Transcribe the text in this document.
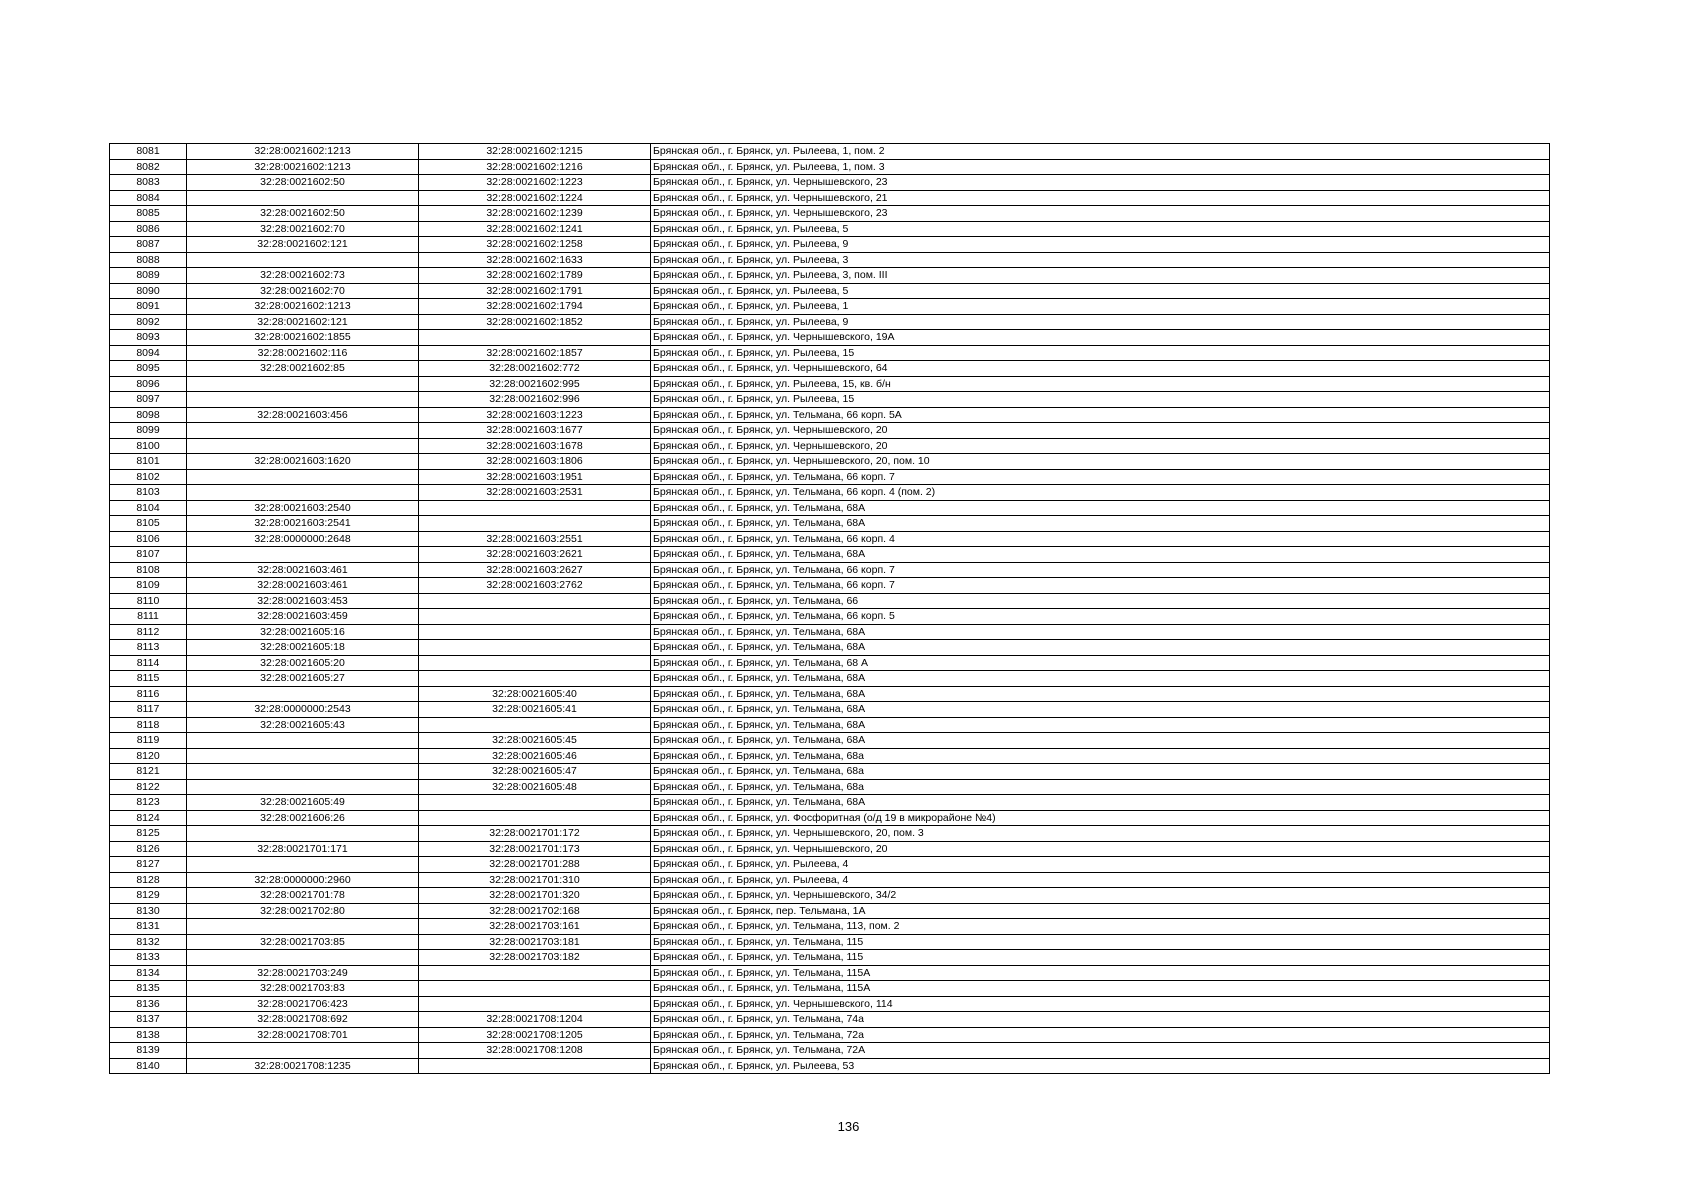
8081	32:28:0021602:1213	32:28:0021602:1215	Брянская обл., г. Брянск, ул. Рылеева, 1, пом. 2
8082	32:28:0021602:1213	32:28:0021602:1216	Брянская обл., г. Брянск, ул. Рылеева, 1, пом. 3
8083	32:28:0021602:50	32:28:0021602:1223	Брянская обл., г. Брянск, ул. Чернышевского, 23
8084		32:28:0021602:1224	Брянская обл., г. Брянск, ул. Чернышевского, 21
8085	32:28:0021602:50	32:28:0021602:1239	Брянская обл., г. Брянск, ул. Чернышевского, 23
8086	32:28:0021602:70	32:28:0021602:1241	Брянская обл., г. Брянск, ул. Рылеева, 5
8087	32:28:0021602:121	32:28:0021602:1258	Брянская обл., г. Брянск, ул. Рылеева, 9
8088		32:28:0021602:1633	Брянская обл., г. Брянск, ул. Рылеева, 3
8089	32:28:0021602:73	32:28:0021602:1789	Брянская обл., г. Брянск, ул. Рылеева, 3, пом. III
8090	32:28:0021602:70	32:28:0021602:1791	Брянская обл., г. Брянск, ул. Рылеева, 5
8091	32:28:0021602:1213	32:28:0021602:1794	Брянская обл., г. Брянск, ул. Рылеева, 1
8092	32:28:0021602:121	32:28:0021602:1852	Брянская обл., г. Брянск, ул. Рылеева, 9
8093	32:28:0021602:1855		Брянская обл., г. Брянск, ул. Чернышевского, 19А
8094	32:28:0021602:116	32:28:0021602:1857	Брянская обл., г. Брянск, ул. Рылеева, 15
8095	32:28:0021602:85	32:28:0021602:772	Брянская обл., г. Брянск, ул. Чернышевского, 64
8096		32:28:0021602:995	Брянская обл., г. Брянск, ул. Рылеева, 15, кв. б/н
8097		32:28:0021602:996	Брянская обл., г. Брянск, ул. Рылеева, 15
8098	32:28:0021603:456	32:28:0021603:1223	Брянская обл., г. Брянск, ул. Тельмана, 66 корп. 5А
8099		32:28:0021603:1677	Брянская обл., г. Брянск, ул. Чернышевского, 20
8100		32:28:0021603:1678	Брянская обл., г. Брянск, ул. Чернышевского, 20
8101	32:28:0021603:1620	32:28:0021603:1806	Брянская обл., г. Брянск, ул. Чернышевского, 20, пом. 10
8102		32:28:0021603:1951	Брянская обл., г. Брянск, ул. Тельмана, 66 корп. 7
8103		32:28:0021603:2531	Брянская обл., г. Брянск, ул. Тельмана, 66 корп. 4 (пом. 2)
8104	32:28:0021603:2540		Брянская обл., г. Брянск, ул. Тельмана, 68А
8105	32:28:0021603:2541		Брянская обл., г. Брянск, ул. Тельмана, 68А
8106	32:28:0000000:2648	32:28:0021603:2551	Брянская обл., г. Брянск, ул. Тельмана, 66 корп. 4
8107		32:28:0021603:2621	Брянская обл., г. Брянск, ул. Тельмана, 68А
8108	32:28:0021603:461	32:28:0021603:2627	Брянская обл., г. Брянск, ул. Тельмана, 66 корп. 7
8109	32:28:0021603:461	32:28:0021603:2762	Брянская обл., г. Брянск, ул. Тельмана, 66 корп. 7
8110	32:28:0021603:453		Брянская обл., г. Брянск, ул. Тельмана, 66
8111	32:28:0021603:459		Брянская обл., г. Брянск, ул. Тельмана, 66 корп. 5
8112	32:28:0021605:16		Брянская обл., г. Брянск, ул. Тельмана, 68А
8113	32:28:0021605:18		Брянская обл., г. Брянск, ул. Тельмана, 68А
8114	32:28:0021605:20		Брянская обл., г. Брянск, ул. Тельмана, 68 А
8115	32:28:0021605:27		Брянская обл., г. Брянск, ул. Тельмана, 68А
8116		32:28:0021605:40	Брянская обл., г. Брянск, ул. Тельмана, 68А
8117	32:28:0000000:2543	32:28:0021605:41	Брянская обл., г. Брянск, ул. Тельмана, 68А
8118	32:28:0021605:43		Брянская обл., г. Брянск, ул. Тельмана, 68А
8119		32:28:0021605:45	Брянская обл., г. Брянск, ул. Тельмана, 68А
8120		32:28:0021605:46	Брянская обл., г. Брянск, ул. Тельмана, 68а
8121		32:28:0021605:47	Брянская обл., г. Брянск, ул. Тельмана, 68а
8122		32:28:0021605:48	Брянская обл., г. Брянск, ул. Тельмана, 68а
8123	32:28:0021605:49		Брянская обл., г. Брянск, ул. Тельмана, 68А
8124	32:28:0021606:26		Брянская обл., г. Брянск, ул. Фосфоритная (о/д 19 в микрорайоне №4)
8125		32:28:0021701:172	Брянская обл., г. Брянск, ул. Чернышевского, 20, пом. 3
8126	32:28:0021701:171	32:28:0021701:173	Брянская обл., г. Брянск, ул. Чернышевского, 20
8127		32:28:0021701:288	Брянская обл., г. Брянск, ул. Рылеева, 4
8128	32:28:0000000:2960	32:28:0021701:310	Брянская обл., г. Брянск, ул. Рылеева, 4
8129	32:28:0021701:78	32:28:0021701:320	Брянская обл., г. Брянск, ул. Чернышевского, 34/2
8130	32:28:0021702:80	32:28:0021702:168	Брянская обл., г. Брянск, пер. Тельмана, 1А
8131		32:28:0021703:161	Брянская обл., г. Брянск, ул. Тельмана, 113, пом. 2
8132	32:28:0021703:85	32:28:0021703:181	Брянская обл., г. Брянск, ул. Тельмана, 115
8133		32:28:0021703:182	Брянская обл., г. Брянск, ул. Тельмана, 115
8134	32:28:0021703:249		Брянская обл., г. Брянск, ул. Тельмана, 115А
8135	32:28:0021703:83		Брянская обл., г. Брянск, ул. Тельмана, 115А
8136	32:28:0021706:423		Брянская обл., г. Брянск, ул. Чернышевского, 114
8137	32:28:0021708:692	32:28:0021708:1204	Брянская обл., г. Брянск, ул. Тельмана, 74а
8138	32:28:0021708:701	32:28:0021708:1205	Брянская обл., г. Брянск, ул. Тельмана, 72а
8139		32:28:0021708:1208	Брянская обл., г. Брянск, ул. Тельмана, 72А
8140	32:28:0021708:1235		Брянская обл., г. Брянск, ул. Рылеева, 53
136
